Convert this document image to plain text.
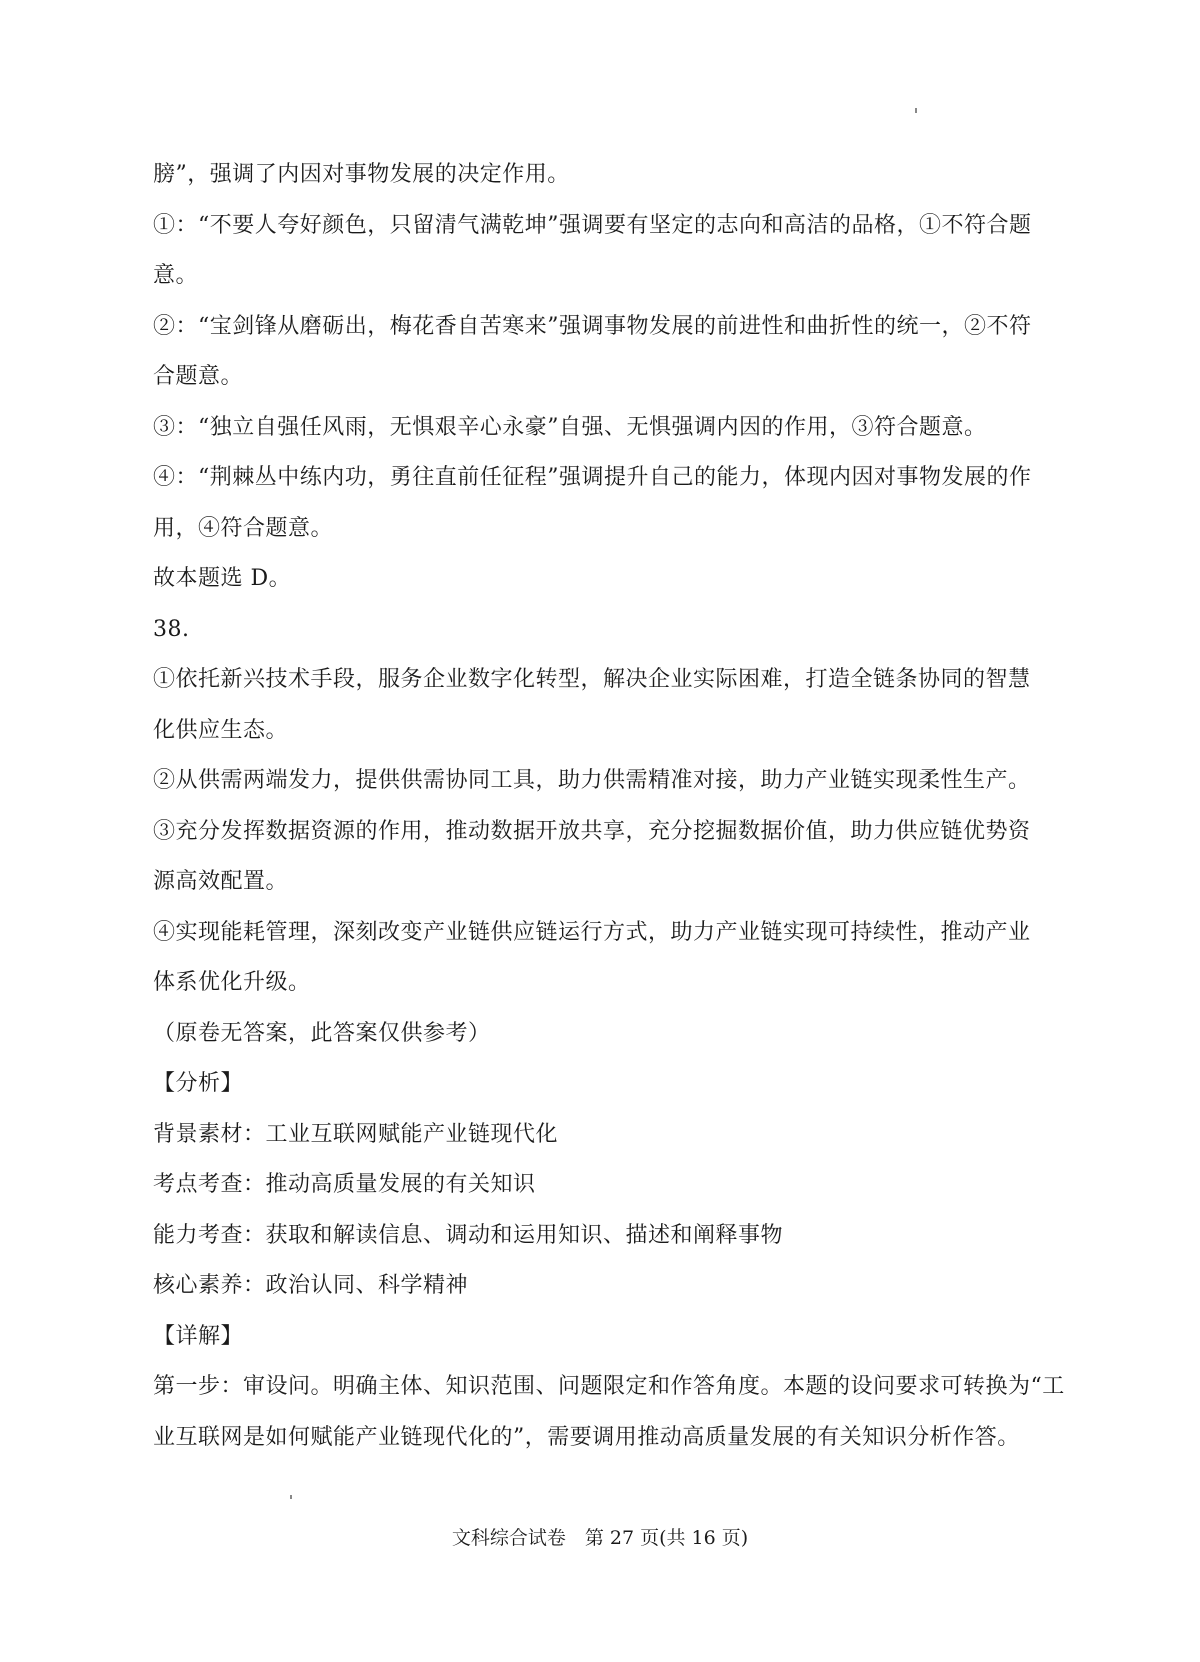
膀”，强调了内因对事物发展的决定作用。
①：“不要人夸好颜色，只留清气满乾坤”强调要有坚定的志向和高洁的品格，①不符合题
意。
②：“宝剑锋从磨砺出，梅花香自苦寒来”强调事物发展的前进性和曲折性的统一，②不符
合题意。
③：“独立自强任风雨，无惧艰辛心永豪”自强、无惧强调内因的作用，③符合题意。
④：“荆棘丛中练内功，勇往直前任征程”强调提升自己的能力，体现内因对事物发展的作
用，④符合题意。
故本题选 D。
38.
①依托新兴技术手段，服务企业数字化转型，解决企业实际困难，打造全链条协同的智慧
化供应生态。
②从供需两端发力，提供供需协同工具，助力供需精准对接，助力产业链实现柔性生产。
③充分发挥数据资源的作用，推动数据开放共享，充分挖掘数据价值，助力供应链优势资
源高效配置。
④实现能耗管理，深刻改变产业链供应链运行方式，助力产业链实现可持续性，推动产业
体系优化升级。
（原卷无答案，此答案仅供参考）
【分析】
背景素材：工业互联网赋能产业链现代化
考点考查：推动高质量发展的有关知识
能力考查：获取和解读信息、调动和运用知识、描述和阐释事物
核心素养：政治认同、科学精神
【详解】
第一步：审设问。明确主体、知识范围、问题限定和作答角度。本题的设问要求可转换为“工
业互联网是如何赋能产业链现代化的”，需要调用推动高质量发展的有关知识分析作答。
文科综合试卷　第 27 页(共 16 页)
